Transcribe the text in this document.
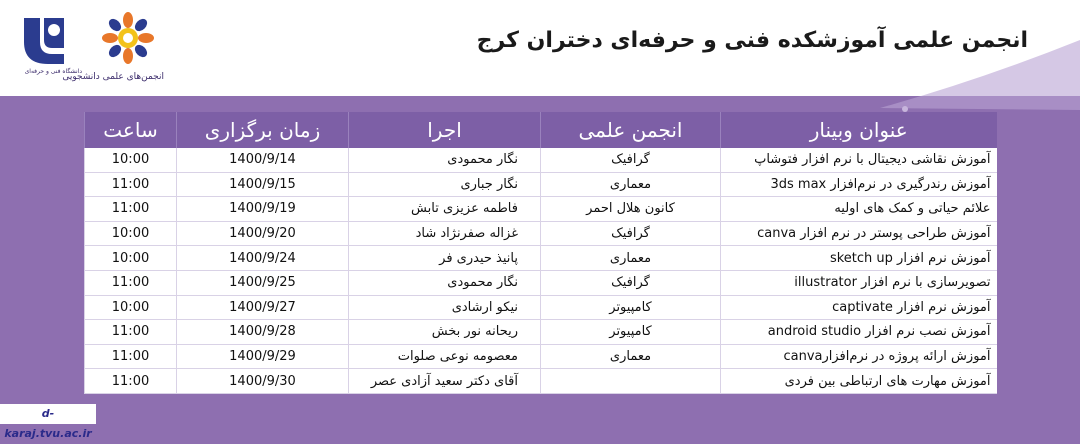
دانشگاه فنی و حرفه‌ای
انجمن‌های علمی دانشجویی
انجمن علمی آموزشکده فنی و حرفه‌ای دختران کرج
عنوان وبینار	انجمن علمی	اجرا	زمان برگزاری	ساعت
آموزش نقاشی دیجیتال با نرم افزار فتوشاپ	گرافیک	نگار محمودی	1400/9/14	10:00
آموزش رندرگیری در نرم‌افزار 3ds max	معماری	نگار جباری	1400/9/15	11:00
علائم حیاتی و کمک های اولیه	کانون هلال احمر	فاطمه عزیزی تابش	1400/9/19	11:00
آموزش طراحی پوستر در نرم افزار canva	گرافیک	غزاله صفرنژاد شاد	1400/9/20	10:00
آموزش نرم افزار sketch up	معماری	پانیذ حیدری فر	1400/9/24	10:00
تصویرسازی با نرم افزار illustrator	گرافیک	نگار محمودی	1400/9/25	11:00
آموزش نرم افزار captivate	کامپیوتر	نیکو ارشادی	1400/9/27	10:00
آموزش نصب نرم افزار android studio	کامپیوتر	ریحانه نور بخش	1400/9/28	11:00
آموزش ارائه پروژه در نرم‌افزارcanva	معماری	معصومه نوعی صلوات	1400/9/29	11:00
آموزش مهارت های ارتباطی بین فردی		آقای دکتر سعید آزادی عصر	1400/9/30	11:00
d-karaj.tvu.ac.ir
